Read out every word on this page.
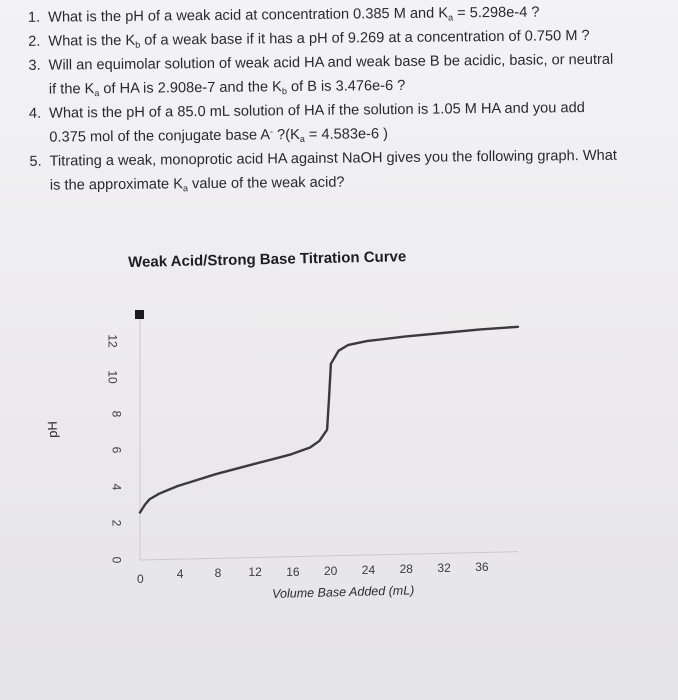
1. What is the pH of a weak acid at concentration 0.385 M and $K_a = 5.298e-4$ ?
2. What is the $K_b$ of a weak base if it has a pH of 9.269 at a concentration of 0.750 M ?
3. Will an equimolar solution of weak acid HA and weak base B be acidic, basic, or neutral
if the $K_a$ of HA is 2.908e-7 and the $K_b$ of B is 3.476e-6 ?
4. What is the pH of a 85.0 mL solution of HA if the solution is 1.05 M HA and you add
0.375 mol of the conjugate base A- $?(K_a = 4.583e-6$ )
5. Titrating a weak, monoprotic acid HA against NaOH gives you the following graph. What
is the approximate $K_a$ value of the weak acid?
Weak Acid/Strong Base Titration Curve
pH
Volume Base Added (mL)
0
2
4
6
8
10
12
0	4	8 12 16 20 24 28 32 36
